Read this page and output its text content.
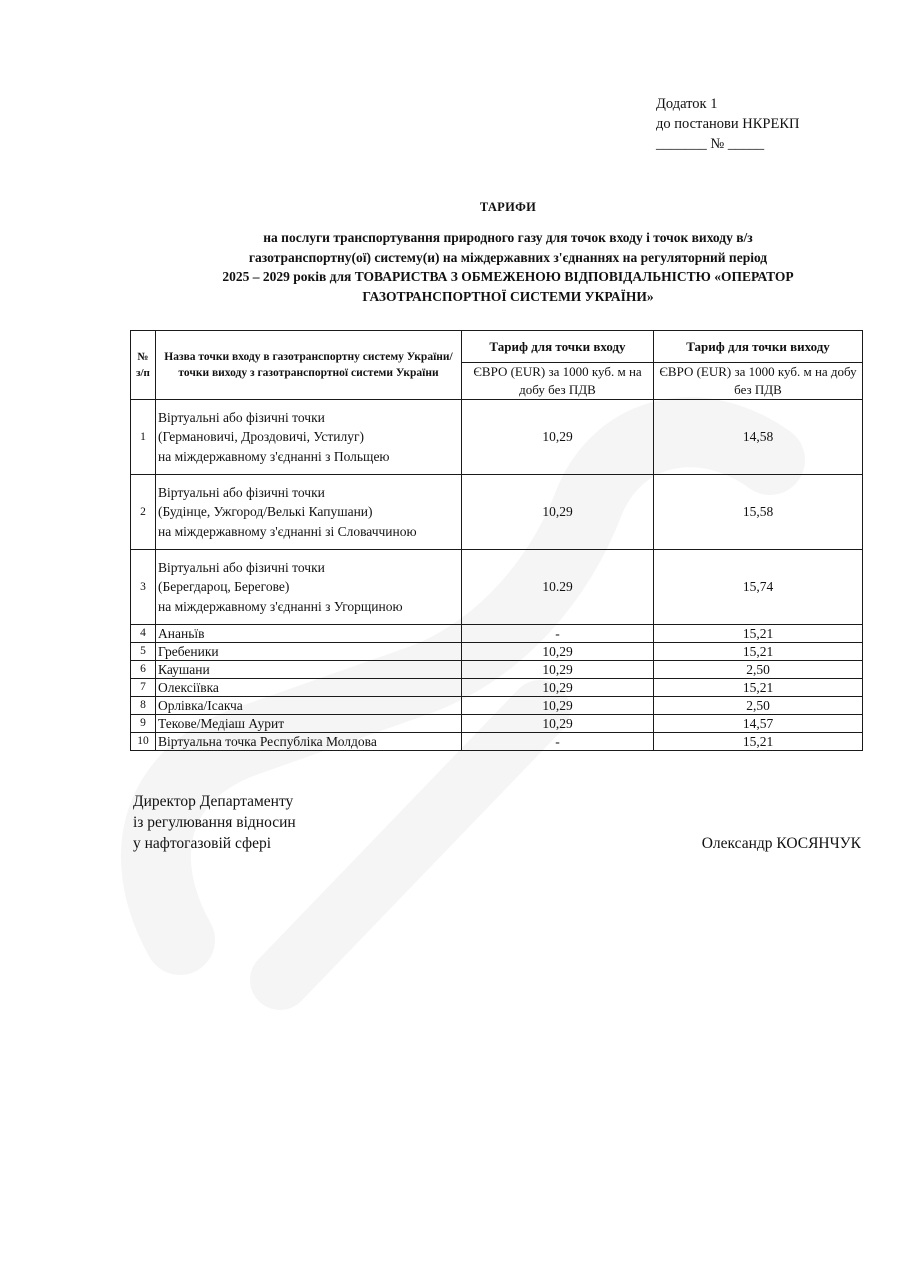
Додаток 1
до постанови НКРЕКП
_______ № _____
ТАРИФИ
на послуги транспортування природного газу для точок входу і точок виходу в/з
газотранспортну(ої) систему(и) на міждержавних з'єднаннях на регуляторний період
2025 – 2029 років для ТОВАРИСТВА З ОБМЕЖЕНОЮ ВІДПОВІДАЛЬНІСТЮ «ОПЕРАТОР
ГАЗОТРАНСПОРТНОЇ СИСТЕМИ УКРАЇНИ»
№ з/п	Назва точки входу в газотранспортну систему України/точки виходу з газотранспортної системи України	Тариф для точки входу	Тариф для точки виходу
		ЄВРО (EUR) за 1000 куб. м на добу без ПДВ	ЄВРО (EUR) за 1000 куб. м на добу без ПДВ
1	Віртуальні або фізичні точки
(Германовичі, Дроздовичі, Устилуг)
на міждержавному з'єднанні з Польщею	10,29	14,58
2	Віртуальні або фізичні точки
(Будінце, Ужгород/Велькі Капушани)
на міждержавному з'єднанні зі Словаччиною	10,29	15,58
3	Віртуальні або фізичні точки
(Берегдароц, Берегове)
на міждержавному з'єднанні з Угорщиною	10.29	15,74
4	Ананьїв	-	15,21
5	Гребеники	10,29	15,21
6	Каушани	10,29	2,50
7	Олексіївка	10,29	15,21
8	Орлівка/Ісакча	10,29	2,50
9	Текове/Медіаш Аурит	10,29	14,57
10	Віртуальна точка Республіка Молдова	-	15,21
Директор Департаменту
із регулювання відносин
у нафтогазовій сфері	Олександр КОСЯНЧУК
